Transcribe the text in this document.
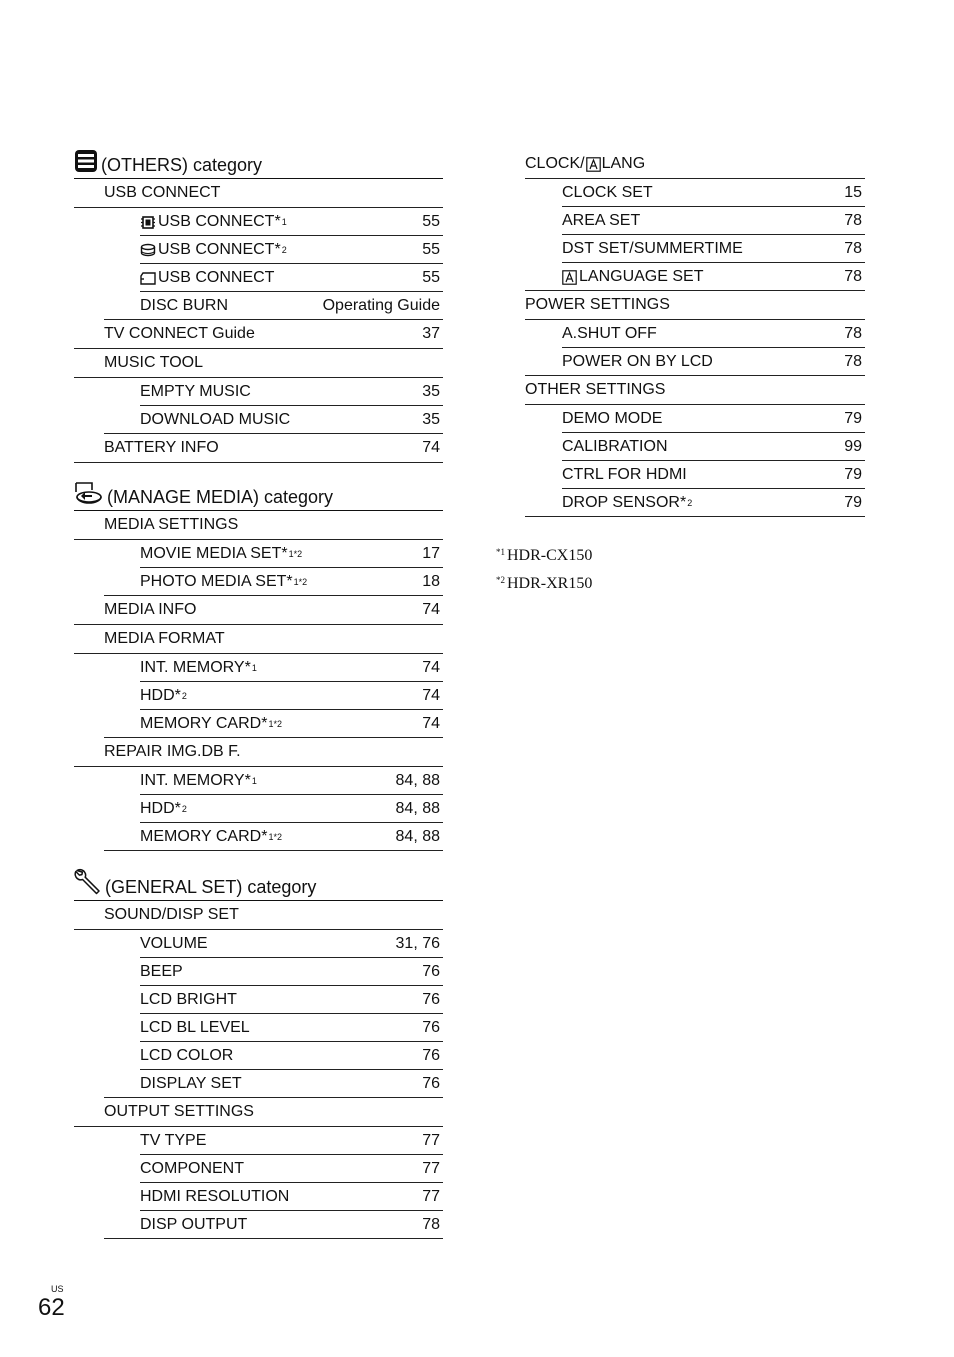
(OTHERS) category
USB CONNECT
USB CONNECT* 1	55
USB CONNECT* 2	55
USB CONNECT	55
DISC BURN	Operating Guide
TV CONNECT Guide	37
MUSIC TOOL
EMPTY MUSIC	35
DOWNLOAD MUSIC	35
BATTERY INFO	74
(MANAGE MEDIA) category
MEDIA SETTINGS
MOVIE MEDIA SET* 1*2	17
PHOTO MEDIA SET* 1*2	18
MEDIA INFO	74
MEDIA FORMAT
INT. MEMORY* 1	74
HDD* 2	74
MEMORY CARD* 1*2	74
REPAIR IMG.DB F.
INT. MEMORY* 1	84, 88
HDD* 2	84, 88
MEMORY CARD* 1*2	84, 88
(GENERAL SET) category
SOUND/DISP SET
VOLUME	31, 76
BEEP	76
LCD BRIGHT	76
LCD BL LEVEL	76
LCD COLOR	76
DISPLAY SET	76
OUTPUT SETTINGS
TV TYPE	77
COMPONENT	77
HDMI RESOLUTION	77
DISP OUTPUT	78
CLOCK/ LANG
CLOCK SET	15
AREA SET	78
DST SET/SUMMERTIME	78
LANGUAGE SET	78
POWER SETTINGS
A.SHUT OFF	78
POWER ON BY LCD	78
OTHER SETTINGS
DEMO MODE	79
CALIBRATION	99
CTRL FOR HDMI	79
DROP SENSOR* 2	79
$^{*1}$ HDR-CX150
$^{*2}$ HDR-XR150
US
62
